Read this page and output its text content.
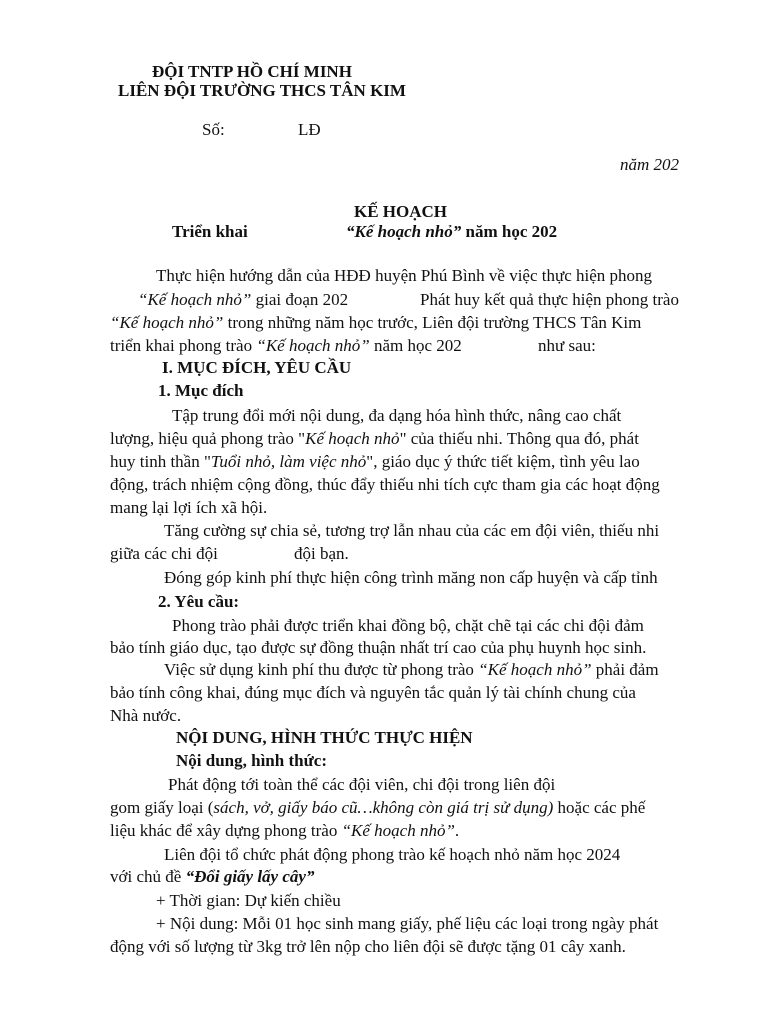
ĐỘI TNTP HỒ CHÍ MINH
LIÊN ĐỘI TRƯỜNG THCS TÂN KIM
Số:	LĐ
năm 202
KẾ HOẠCH
Triển khai	“Kế hoạch nhỏ” năm học 202
Thực hiện hướng dẫn của HĐĐ huyện Phú Bình về việc thực hiện phong
“Kế hoạch nhỏ” giai đoạn 202	Phát huy kết quả thực hiện phong trào
“Kế hoạch nhỏ” trong những năm học trước, Liên đội trường THCS Tân Kim
triển khai phong trào “Kế hoạch nhỏ” năm học 202	như sau:
I. MỤC ĐÍCH, YÊU CẦU
1. Mục đích
Tập trung đổi mới nội dung, đa dạng hóa hình thức, nâng cao chất
lượng, hiệu quả phong trào "Kế hoạch nhỏ" của thiếu nhi. Thông qua đó, phát
huy tinh thần "Tuổi nhỏ, làm việc nhỏ", giáo dục ý thức tiết kiệm, tình yêu lao
động, trách nhiệm cộng đồng, thúc đẩy thiếu nhi tích cực tham gia các hoạt động
mang lại lợi ích xã hội.
Tăng cường sự chia sẻ, tương trợ lẫn nhau của các em đội viên, thiếu nhi
giữa các chi đội	đội bạn.
Đóng góp kinh phí thực hiện công trình măng non cấp huyện và cấp tỉnh
2. Yêu cầu:
Phong trào phải được triển khai đồng bộ, chặt chẽ tại các chi đội đảm
bảo tính giáo dục, tạo được sự đồng thuận nhất trí cao của phụ huynh học sinh.
Việc sử dụng kinh phí thu được từ phong trào “Kế hoạch nhỏ” phải đảm
bảo tính công khai, đúng mục đích và nguyên tắc quản lý tài chính chung của
Nhà nước.
NỘI DUNG, HÌNH THỨC THỰC HIỆN
Nội dung, hình thức:
Phát động tới toàn thể các đội viên, chi đội trong liên đội
gom giấy loại (sách, vở, giấy báo cũ…không còn giá trị sử dụng) hoặc các phế
liệu khác để xây dựng phong trào “Kế hoạch nhỏ”.
Liên đội tổ chức phát động phong trào kế hoạch nhỏ năm học 2024
với chủ đề “Đổi giấy lấy cây”
+ Thời gian: Dự kiến chiều
+ Nội dung: Mỗi 01 học sinh mang giấy, phế liệu các loại trong ngày phát
động với số lượng từ 3kg trở lên nộp cho liên đội sẽ được tặng 01 cây xanh.
